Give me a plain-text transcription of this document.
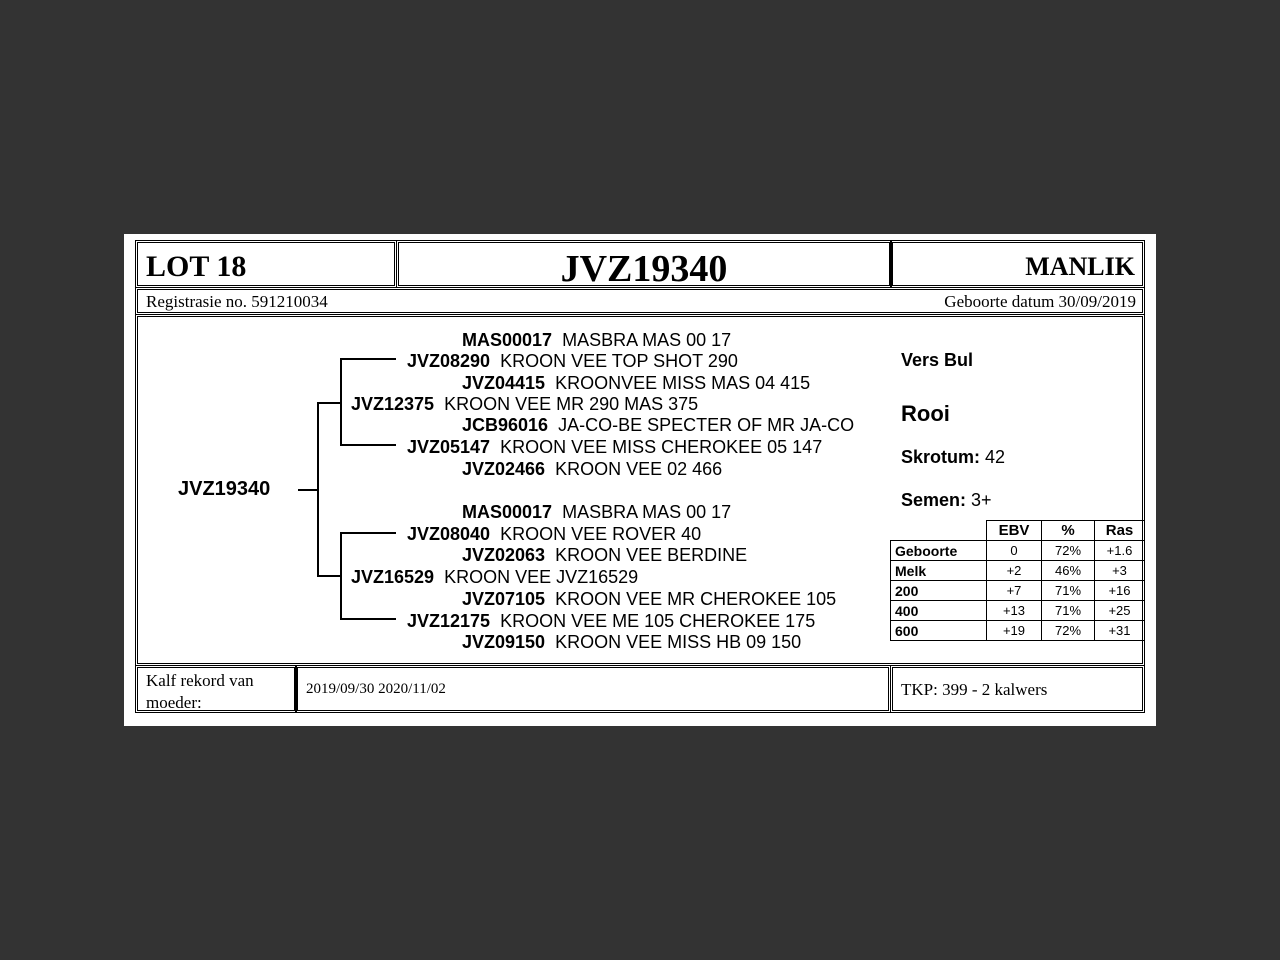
LOT 18	JVZ19340	MANLIK
Registrasie no. 591210034	Geboorte datum 30/09/2019
JVZ19340
MAS00017 MASBRA MAS 00 17
JVZ08290 KROON VEE TOP SHOT 290
JVZ04415 KROONVEE MISS MAS 04 415
JVZ12375 KROON VEE MR 290 MAS 375
JCB96016 JA-CO-BE SPECTER OF MR JA-CO
JVZ05147 KROON VEE MISS CHEROKEE 05 147
JVZ02466 KROON VEE 02 466
MAS00017 MASBRA MAS 00 17
JVZ08040 KROON VEE ROVER 40
JVZ02063 KROON VEE BERDINE
JVZ16529 KROON VEE JVZ16529
JVZ07105 KROON VEE MR CHEROKEE 105
JVZ12175 KROON VEE ME 105 CHEROKEE 175
JVZ09150 KROON VEE MISS HB 09 150
Vers Bul
Rooi
Skrotum: 42
Semen: 3+
	EBV	%	Ras
Geboorte	0	72%	+1.6
Melk	+2	46%	+3
200	+7	71%	+16
400	+13	71%	+25
600	+19	72%	+31
Kalf rekord van
moeder:
2019/09/30 2020/11/02	TKP: 399 - 2 kalwers
